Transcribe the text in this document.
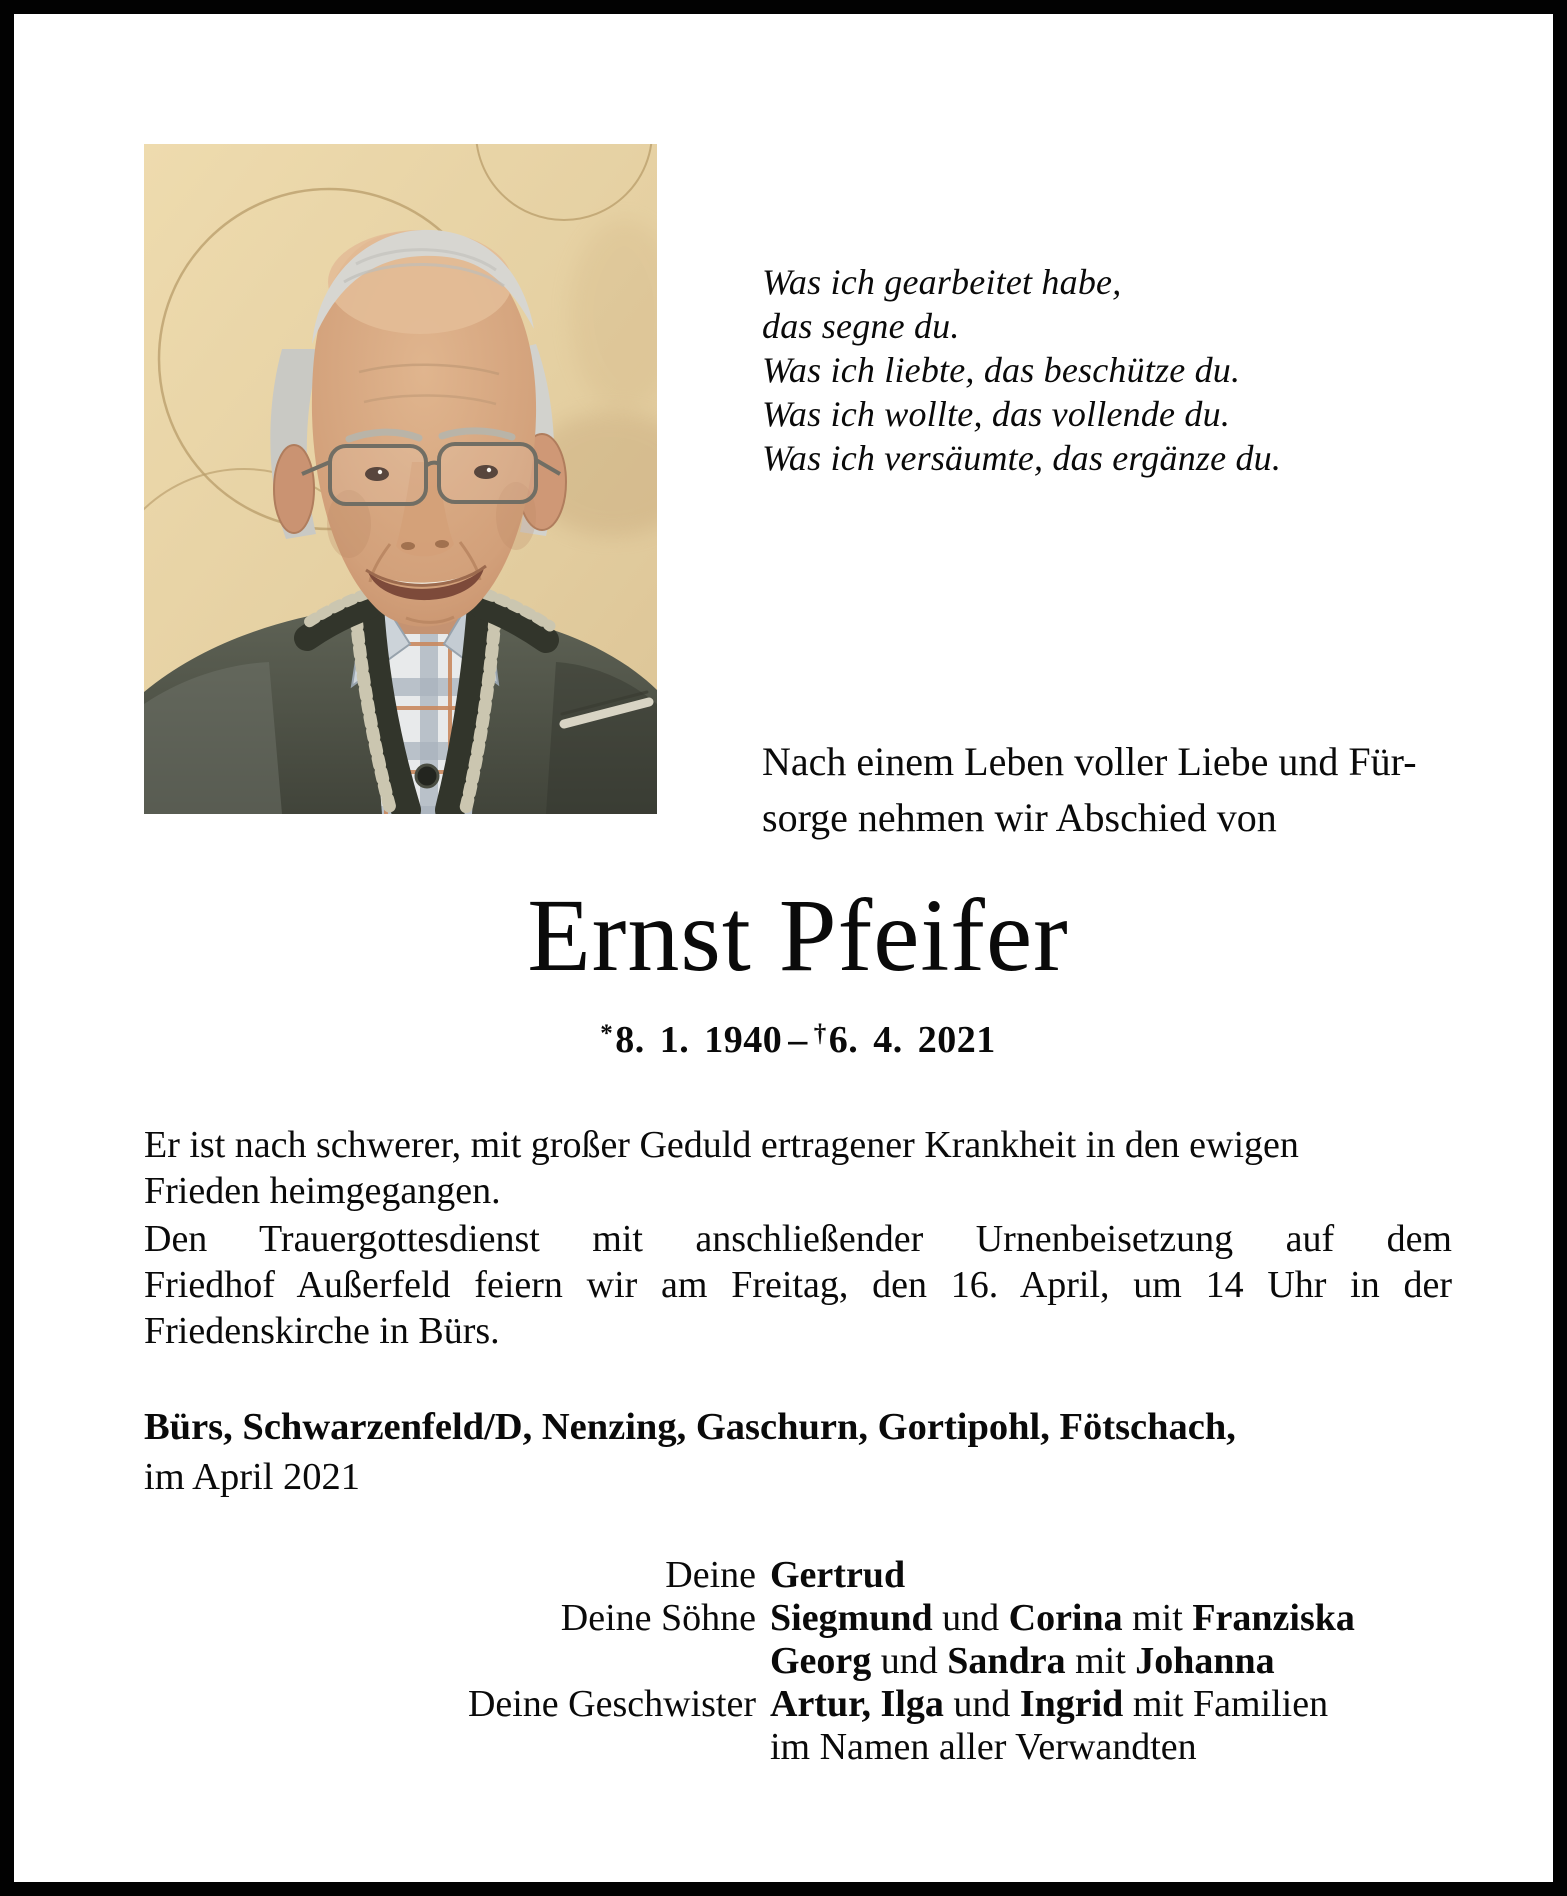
Was ich gearbeitet habe,
das segne du.
Was ich liebte, das beschütze du.
Was ich wollte, das vollende du.
Was ich versäumte, das ergänze du.
Nach einem Leben voller Liebe und Für-
sorge nehmen wir Abschied von
Ernst Pfeifer
*8. 1. 1940 – †6. 4. 2021
Er ist nach schwerer, mit großer Geduld ertragener Krankheit in den ewigen
Frieden heimgegangen.
Den Trauergottesdienst mit anschließender Urnenbeisetzung auf dem
Friedhof Außerfeld feiern wir am Freitag, den 16. April, um 14 Uhr in der
Friedenskirche in Bürs.
Bürs, Schwarzenfeld/D, Nenzing, Gaschurn, Gortipohl, Fötschach,
im April 2021
Deine Gertrud
Deine Söhne Siegmund und Corina mit Franziska
Georg und Sandra mit Johanna
Deine Geschwister Artur, Ilga und Ingrid mit Familien
im Namen aller Verwandten
